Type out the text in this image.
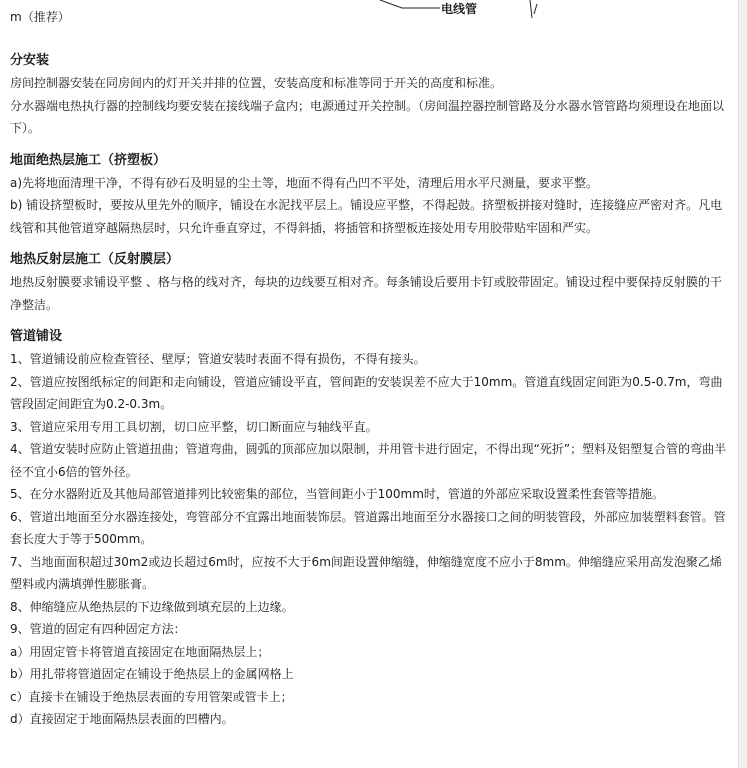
电线管
m（推荐）
分安装

房间控制器安装在同房间内的灯开关并排的位置，安装高度和标准等同于开关的高度和标准。

分水器端电热执行器的控制线均要安装在接线端子盒内；电源通过开关控制。（房间温控器控制管路及分水器水管管路均须理设在地面以下）。

地面绝热层施工（挤塑板）

a)先将地面清理干净，不得有砂石及明显的尘土等，地面不得有凸凹不平处，清理后用水平尺测量，要求平整。

b) 铺设挤塑板时，要按从里先外的顺序，铺设在水泥找平层上。铺设应平整，不得起鼓。挤塑板拼接对缝时，连接缝应严密对齐。凡电线管和其他管道穿越隔热层时，只允许垂直穿过，不得斜插，将插管和挤塑板连接处用专用胶带贴牢固和严实。

地热反射层施工（反射膜层）

地热反射膜要求铺设平整 、格与格的线对齐，每块的边线要互相对齐。每条铺设后要用卡钉或胶带固定。铺设过程中要保持反射膜的干净整洁。

管道铺设

1、管道铺设前应检查管径、壁厚；管道安装时表面不得有损伤，不得有接头。

2、管道应按图纸标定的间距和走向铺设，管道应铺设平直，管间距的安装误差不应大于10mm。管道直线固定间距为0.5-0.7m，弯曲管段固定间距宜为0.2-0.3m。

3、管道应采用专用工具切割，切口应平整，切口断面应与轴线平直。

4、管道安装时应防止管道扭曲；管道弯曲，圆弧的顶部应加以限制，并用管卡进行固定，不得出现“死折”；塑料及铝塑复合管的弯曲半径不宜小6倍的管外径。

5、在分水器附近及其他局部管道排列比较密集的部位，当管间距小于100mm时，管道的外部应采取设置柔性套管等措施。

6、管道出地面至分水器连接处，弯管部分不宜露出地面装饰层。管道露出地面至分水器接口之间的明装管段，外部应加装塑料套管。管套长度大于等于500mm。

7、当地面面积超过30m2或边长超过6m时，应按不大于6m间距设置伸缩缝，伸缩缝宽度不应小于8mm。伸缩缝应采用高发泡聚乙烯塑料或内满填弹性膨胀膏。

8、伸缩缝应从绝热层的下边缘做到填充层的上边缘。

9、管道的固定有四种固定方法：

a）用固定管卡将管道直接固定在地面隔热层上；

b）用扎带将管道固定在铺设于绝热层上的金属网格上

c）直接卡在铺设于绝热层表面的专用管架或管卡上；

d）直接固定于地面隔热层表面的凹槽内。
